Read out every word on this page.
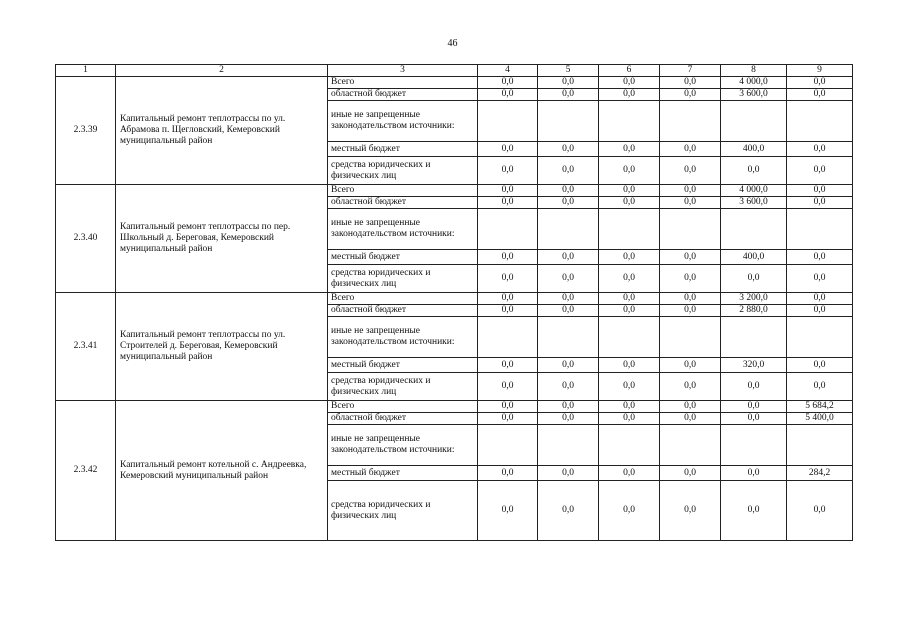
46
1	2	3	4	5	6	7	8	9
2.3.39	Капитальный ремонт теплотрассы по ул. Абрамова п. Щегловский, Кемеровский муниципальный район	Всего	0,0	0,0	0,0	0,0	4 000,0	0,0
		областной бюджет	0,0	0,0	0,0	0,0	3 600,0	0,0
		иные не запрещенные законодательством источники:						
		местный бюджет	0,0	0,0	0,0	0,0	400,0	0,0
		средства юридических и физических лиц	0,0	0,0	0,0	0,0	0,0	0,0
2.3.40	Капитальный ремонт теплотрассы по пер. Школьный д. Береговая, Кемеровский муниципальный район	Всего	0,0	0,0	0,0	0,0	4 000,0	0,0
		областной бюджет	0,0	0,0	0,0	0,0	3 600,0	0,0
		иные не запрещенные законодательством источники:						
		местный бюджет	0,0	0,0	0,0	0,0	400,0	0,0
		средства юридических и физических лиц	0,0	0,0	0,0	0,0	0,0	0,0
2.3.41	Капитальный ремонт теплотрассы по ул. Строителей д. Береговая, Кемеровский муниципальный район	Всего	0,0	0,0	0,0	0,0	3 200,0	0,0
		областной бюджет	0,0	0,0	0,0	0,0	2 880,0	0,0
		иные не запрещенные законодательством источники:						
		местный бюджет	0,0	0,0	0,0	0,0	320,0	0,0
		средства юридических и физических лиц	0,0	0,0	0,0	0,0	0,0	0,0
2.3.42	Капитальный ремонт котельной с. Андреевка, Кемеровский муниципальный район	Всего	0,0	0,0	0,0	0,0	0,0	5 684,2
		областной бюджет	0,0	0,0	0,0	0,0	0,0	5 400,0
		иные не запрещенные законодательством источники:						
		местный бюджет	0,0	0,0	0,0	0,0	0,0	284,2
		средства юридических и физических лиц	0,0	0,0	0,0	0,0	0,0	0,0
